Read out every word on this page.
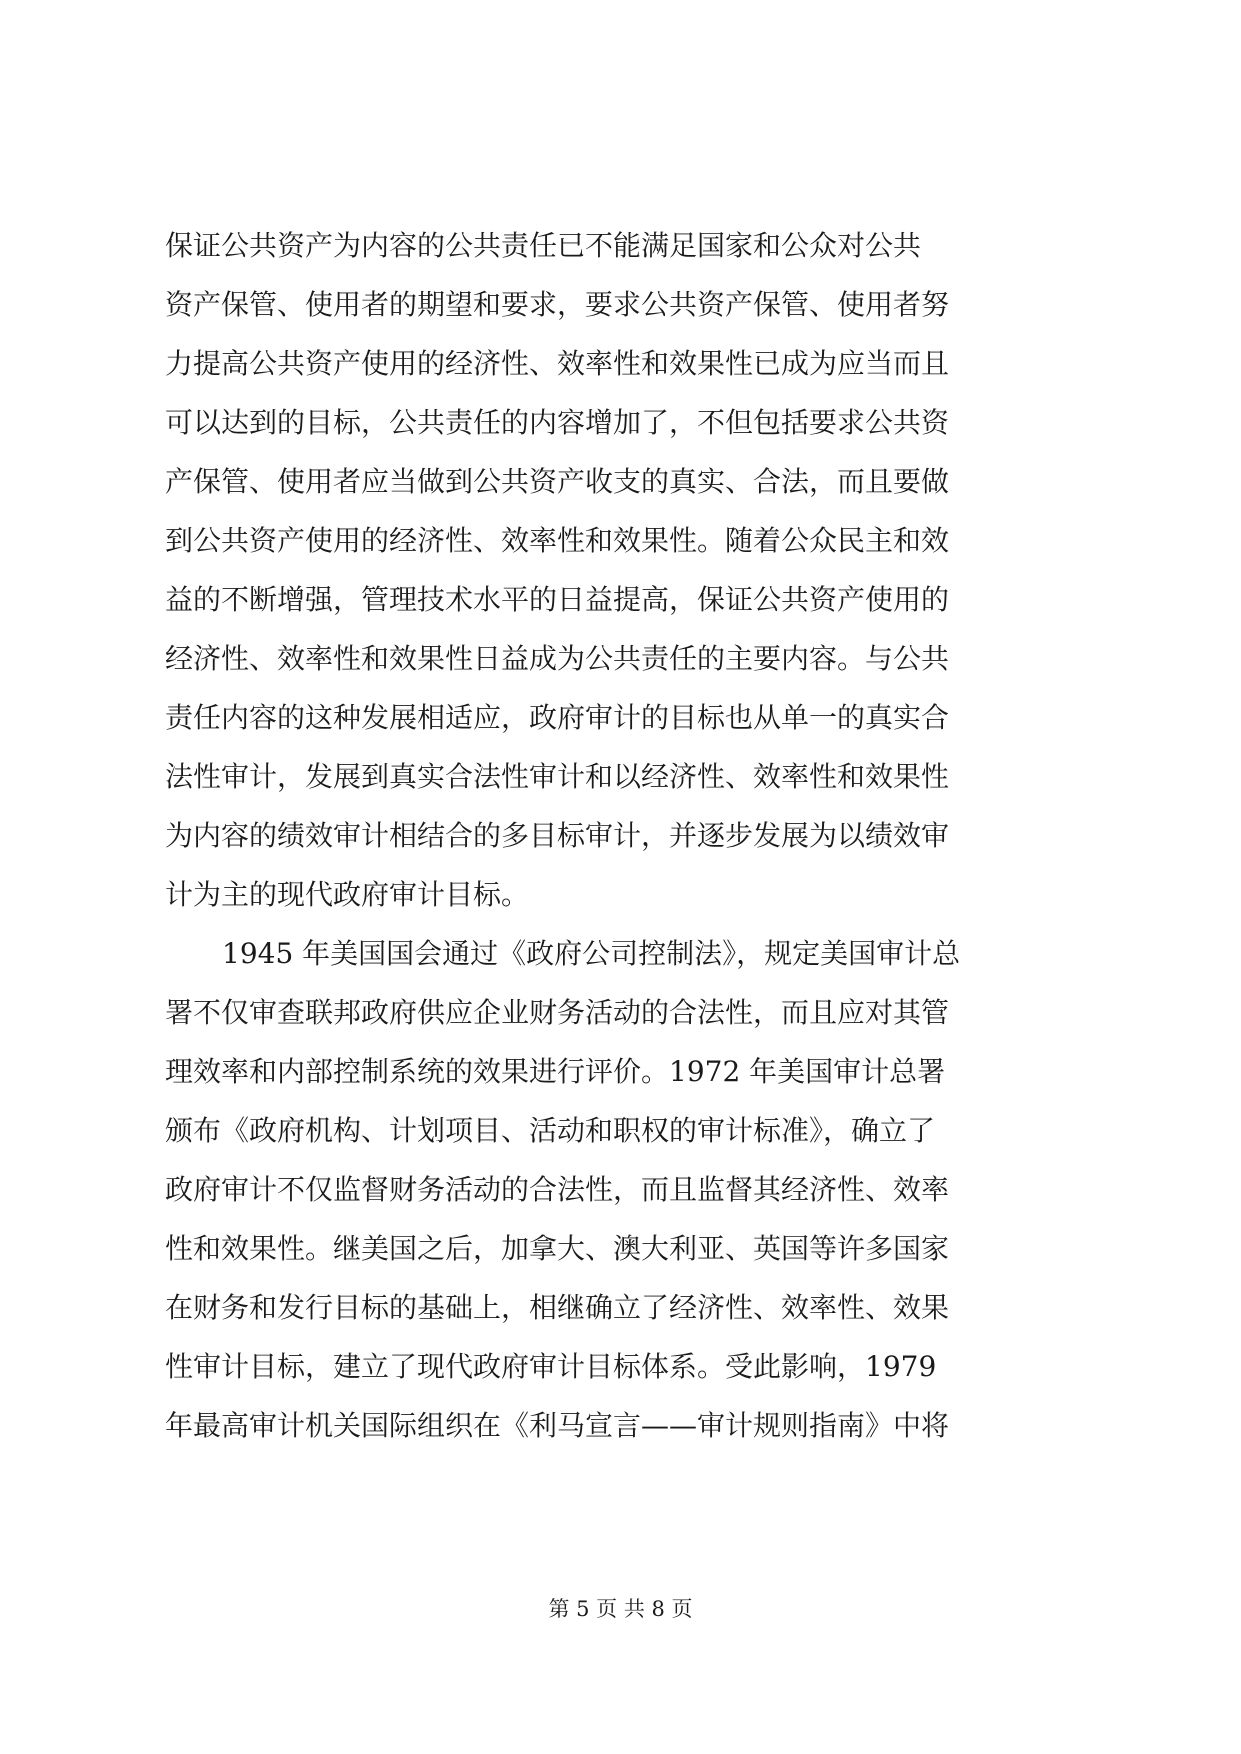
保证公共资产为内容的公共责任已不能满足国家和公众对公共
资产保管、使用者的期望和要求，要求公共资产保管、使用者努
力提高公共资产使用的经济性、效率性和效果性已成为应当而且
可以达到的目标，公共责任的内容增加了，不但包括要求公共资
产保管、使用者应当做到公共资产收支的真实、合法，而且要做
到公共资产使用的经济性、效率性和效果性。随着公众民主和效
益的不断增强，管理技术水平的日益提高，保证公共资产使用的
经济性、效率性和效果性日益成为公共责任的主要内容。与公共
责任内容的这种发展相适应，政府审计的目标也从单一的真实合
法性审计，发展到真实合法性审计和以经济性、效率性和效果性
为内容的绩效审计相结合的多目标审计，并逐步发展为以绩效审
计为主的现代政府审计目标。
1945 年美国国会通过《政府公司控制法》，规定美国审计总
署不仅审查联邦政府供应企业财务活动的合法性，而且应对其管
理效率和内部控制系统的效果进行评价。1972 年美国审计总署
颁布《政府机构、计划项目、活动和职权的审计标准》，确立了
政府审计不仅监督财务活动的合法性，而且监督其经济性、效率
性和效果性。继美国之后，加拿大、澳大利亚、英国等许多国家
在财务和发行目标的基础上，相继确立了经济性、效率性、效果
性审计目标，建立了现代政府审计目标体系。受此影响，1979
年最高审计机关国际组织在《利马宣言——审计规则指南》中将
第 5 页 共 8 页
